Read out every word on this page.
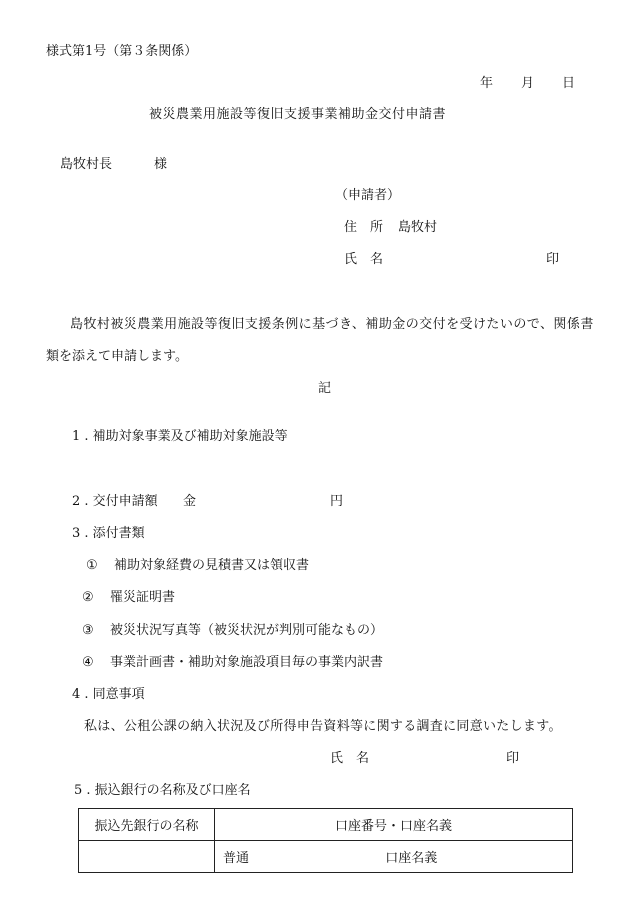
様式第1号（第３条関係）
年 月 日
被災農業用施設等復旧支援事業補助金交付申請書
島牧村長	様
（申請者）
住　所 島牧村
氏　名	印
島牧村被災農業用施設等復旧支援条例に基づき、補助金の交付を受けたいので、関係書
類を添えて申請します。
記
1 . 補助対象事業及び補助対象施設等
2 . 交付申請額 金	円
3 . 添付書類
① 補助対象経費の見積書又は領収書
② 罹災証明書
③ 被災状況写真等（被災状況が判別可能なもの）
④ 事業計画書・補助対象施設項目毎の事業内訳書
4 . 同意事項
私は、公租公課の納入状況及び所得申告資料等に関する調査に同意いたします。
氏　名	印
5 . 振込銀行の名称及び口座名
振込先銀行の名称	口座番号・口座名義
	普通 口座名義
